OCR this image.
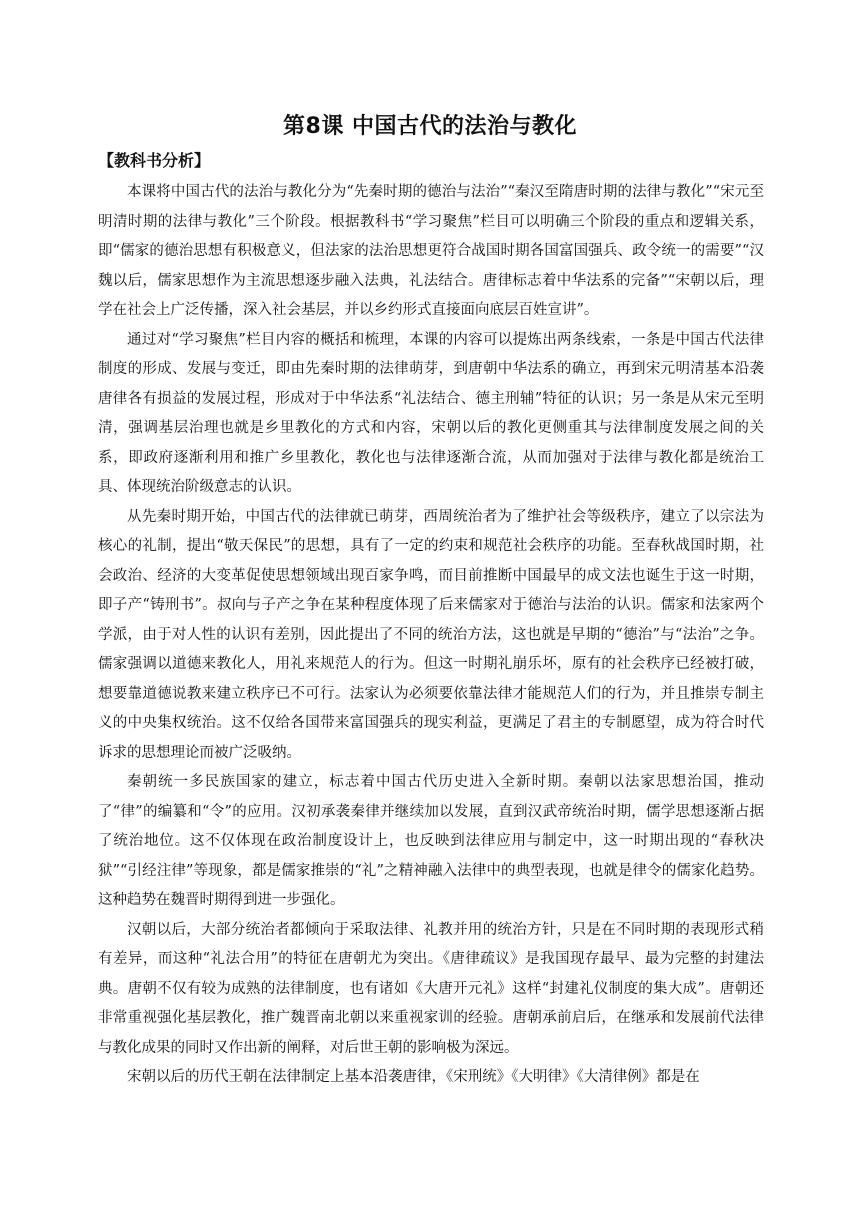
第8课 中国古代的法治与教化
【教科书分析】

本课将中国古代的法治与教化分为“先秦时期的德治与法治”“秦汉至隋唐时期的法律与教化”“宋元至明清时期的法律与教化”三个阶段。根据教科书“学习聚焦”栏目可以明确三个阶段的重点和逻辑关系，即“儒家的德治思想有积极意义，但法家的法治思想更符合战国时期各国富国强兵、政令统一的需要”“汉魏以后，儒家思想作为主流思想逐步融入法典，礼法结合。唐律标志着中华法系的完备”“宋朝以后，理学在社会上广泛传播，深入社会基层，并以乡约形式直接面向底层百姓宣讲”。

通过对“学习聚焦”栏目内容的概括和梳理，本课的内容可以提炼出两条线索，一条是中国古代法律制度的形成、发展与变迁，即由先秦时期的法律萌芽，到唐朝中华法系的确立，再到宋元明清基本沿袭唐律各有损益的发展过程，形成对于中华法系“礼法结合、德主刑辅”特征的认识；另一条是从宋元至明清，强调基层治理也就是乡里教化的方式和内容，宋朝以后的教化更侧重其与法律制度发展之间的关系，即政府逐渐利用和推广乡里教化，教化也与法律逐渐合流，从而加强对于法律与教化都是统治工具、体现统治阶级意志的认识。

从先秦时期开始，中国古代的法律就已萌芽，西周统治者为了维护社会等级秩序，建立了以宗法为核心的礼制，提出“敬天保民”的思想，具有了一定的约束和规范社会秩序的功能。至春秋战国时期，社会政治、经济的大变革促使思想领域出现百家争鸣，而目前推断中国最早的成文法也诞生于这一时期，即子产“铸刑书”。叔向与子产之争在某种程度体现了后来儒家对于德治与法治的认识。儒家和法家两个学派，由于对人性的认识有差别，因此提出了不同的统治方法，这也就是早期的“德治”与“法治”之争。儒家强调以道德来教化人，用礼来规范人的行为。但这一时期礼崩乐坏，原有的社会秩序已经被打破，想要靠道德说教来建立秩序已不可行。法家认为必须要依靠法律才能规范人们的行为，并且推崇专制主义的中央集权统治。这不仅给各国带来富国强兵的现实利益，更满足了君主的专制愿望，成为符合时代诉求的思想理论而被广泛吸纳。

秦朝统一多民族国家的建立，标志着中国古代历史进入全新时期。秦朝以法家思想治国，推动了“律”的编纂和“令”的应用。汉初承袭秦律并继续加以发展，直到汉武帝统治时期，儒学思想逐渐占据了统治地位。这不仅体现在政治制度设计上，也反映到法律应用与制定中，这一时期出现的“春秋决狱”“引经注律”等现象，都是儒家推崇的“礼”之精神融入法律中的典型表现，也就是律令的儒家化趋势。这种趋势在魏晋时期得到进一步强化。

汉朝以后，大部分统治者都倾向于采取法律、礼教并用的统治方针，只是在不同时期的表现形式稍有差异，而这种“礼法合用”的特征在唐朝尤为突出。《唐律疏议》是我国现存最早、最为完整的封建法典。唐朝不仅有较为成熟的法律制度，也有诸如《大唐开元礼》这样“封建礼仪制度的集大成”。唐朝还非常重视强化基层教化，推广魏晋南北朝以来重视家训的经验。唐朝承前启后，在继承和发展前代法律与教化成果的同时又作出新的阐释，对后世王朝的影响极为深远。

宋朝以后的历代王朝在法律制定上基本沿袭唐律，《宋刑统》《大明律》《大清律例》都是在
